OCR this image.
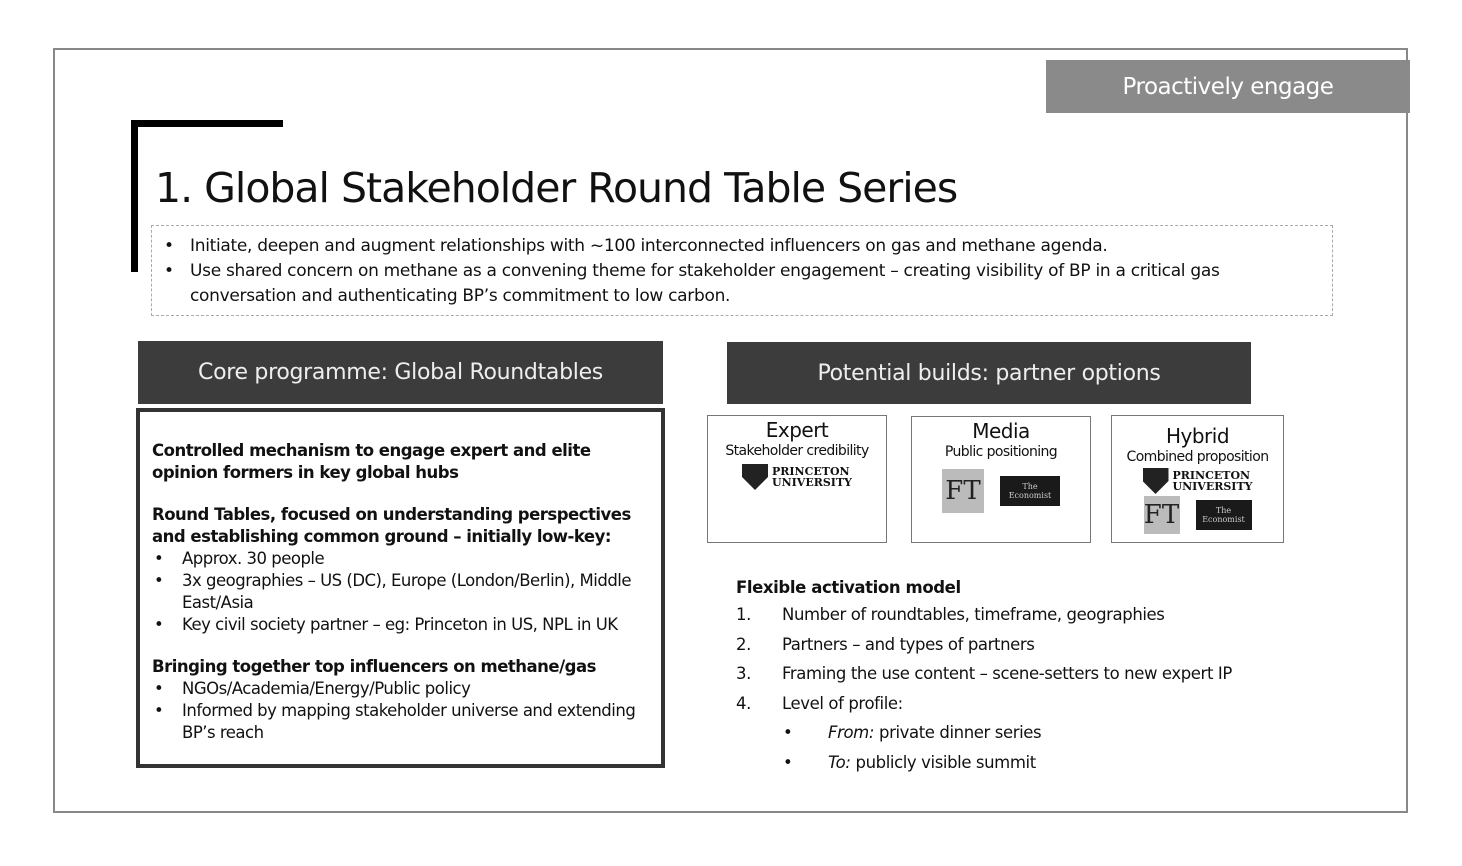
Proactively engage
1. Global Stakeholder Round Table Series
• Initiate, deepen and augment relationships with ~100 interconnected influencers on gas and methane agenda.
• Use shared concern on methane as a convening theme for stakeholder engagement – creating visibility of BP in a critical gas conversation and authenticating BP’s commitment to low carbon.
Core programme: Global Roundtables
Controlled mechanism to engage expert and elite opinion formers in key global hubs
Round Tables, focused on understanding perspectives and establishing common ground – initially low-key:
• Approx. 30 people
• 3x geographies – US (DC), Europe (London/Berlin), Middle East/Asia
• Key civil society partner – eg: Princeton in US, NPL in UK
Bringing together top influencers on methane/gas
• NGOs/Academia/Energy/Public policy
• Informed by mapping stakeholder universe and extending BP’s reach
Potential builds: partner options
Expert
Stakeholder credibility
PRINCETON
UNIVERSITY
Media
Public positioning
FT	The
Economist
Hybrid
Combined proposition
PRINCETON
UNIVERSITY
FT	The
Economist
Flexible activation model
1.	Number of roundtables, timeframe, geographies
2.	Partners – and types of partners
3.	Framing the use content – scene-setters to new expert IP
4.	Level of profile:
•	From: private dinner series
•	To: publicly visible summit
